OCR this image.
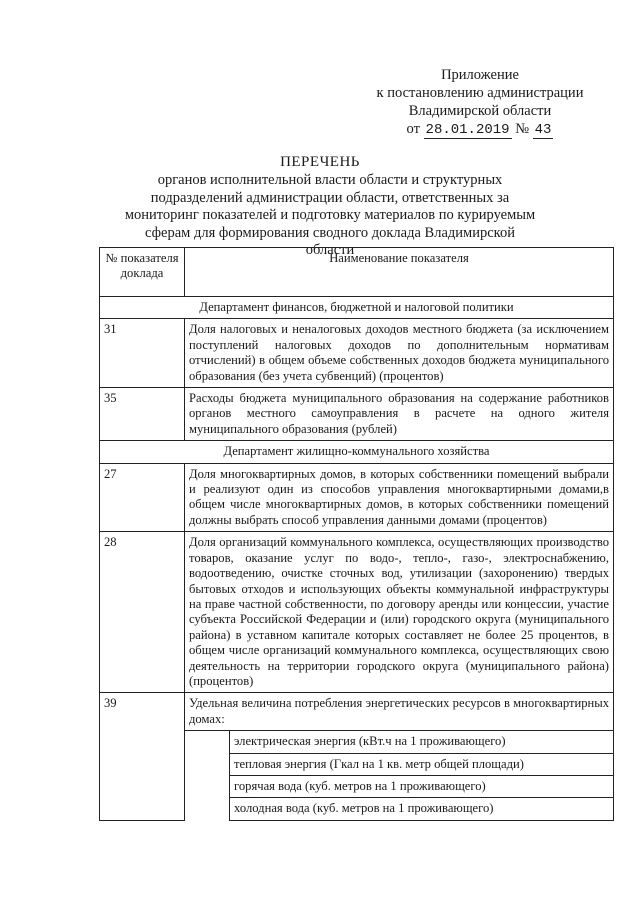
Приложение
к постановлению администрации
Владимирской области
от 28.01.2019 № 43
ПЕРЕЧЕНЬ
органов исполнительной власти области и структурных подразделений администрации области, ответственных за мониторинг показателей и подготовку материалов по курируемым сферам для формирования сводного доклада Владимирской области
№ показателя доклада	Наименование показателя	
Департамент финансов, бюджетной и налоговой политики		
31	Доля налоговых и неналоговых доходов местного бюджета (за исключением поступлений налоговых доходов по дополнительным нормативам отчислений) в общем объеме собственных доходов бюджета муниципального образования (без учета субвенций) (процентов)	
35	Расходы бюджета муниципального образования на содержание работников органов местного самоуправления в расчете на одного жителя муниципального образования (рублей)	
Департамент жилищно-коммунального хозяйства		
27	Доля многоквартирных домов, в которых собственники помещений выбрали и реализуют один из способов управления многоквартирными домами,в общем числе многоквартирных домов, в которых собственники помещений должны выбрать способ управления данными домами (процентов)	
28	Доля организаций коммунального комплекса, осуществляющих производство товаров, оказание услуг по водо-, тепло-, газо-, электроснабжению, водоотведению, очистке сточных вод, утилизации (захоронению) твердых бытовых отходов и использующих объекты коммунальной инфраструктуры на праве частной собственности, по договору аренды или концессии, участие субъекта Российской Федерации и (или) городского округа (муниципального района) в уставном капитале которых составляет не более 25 процентов, в общем числе организаций коммунального комплекса, осуществляющих свою деятельность на территории городского округа (муниципального района) (процентов)	
39	Удельная величина потребления энергетических ресурсов в многоквартирных домах:	
		электрическая энергия (кВт.ч на 1 проживающего)
		тепловая энергия (Гкал на 1 кв. метр общей площади)
		горячая вода (куб. метров на 1 проживающего)
		холодная вода (куб. метров на 1 проживающего)
